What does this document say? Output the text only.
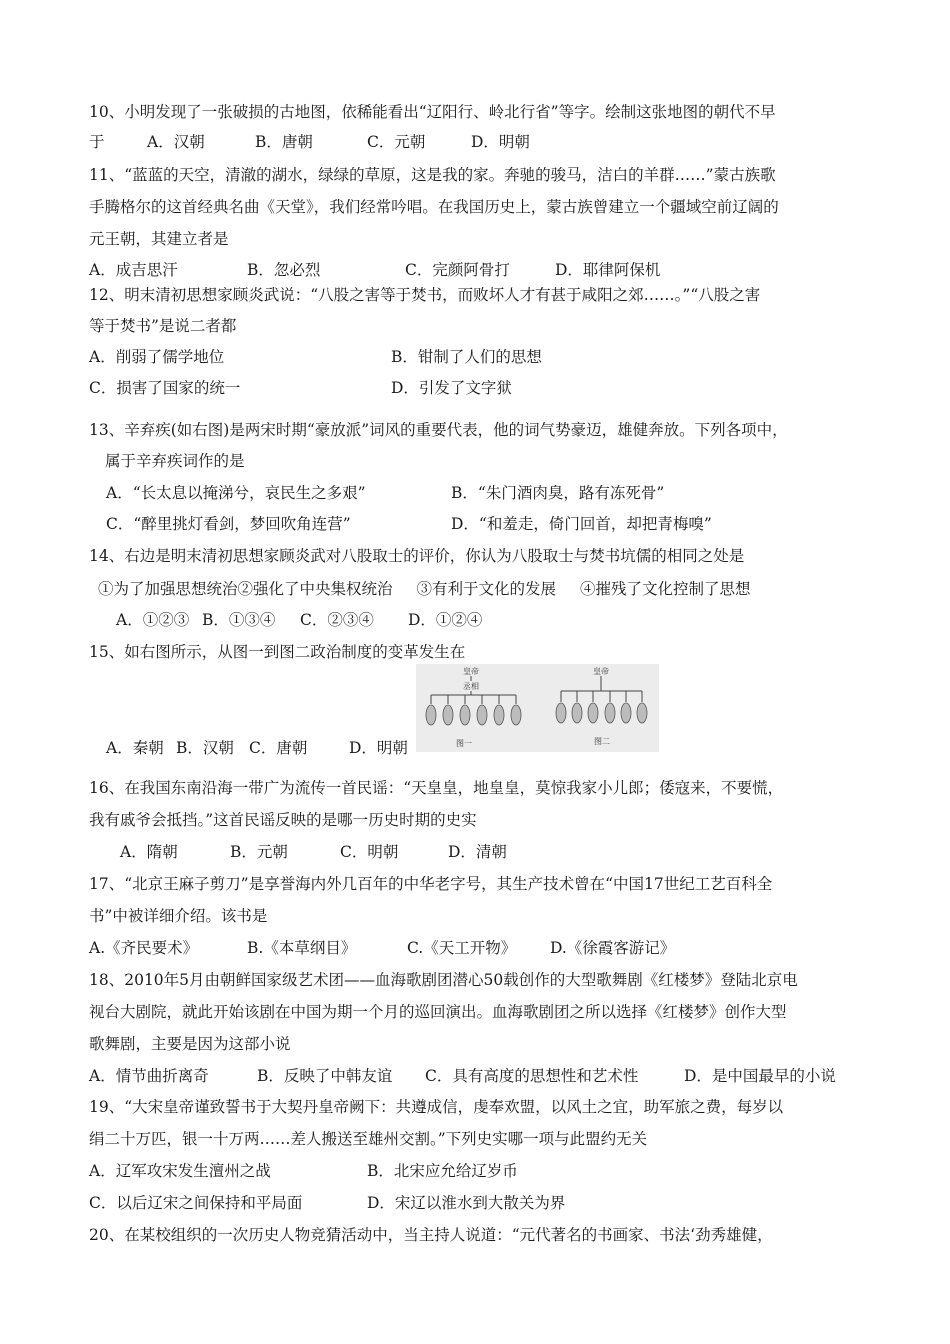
10、小明发现了一张破损的古地图，依稀能看出“辽阳行、岭北行省”等字。绘制这张地图的朝代不早
于	A．汉朝	B．唐朝	C．元朝	D．明朝
11、“蓝蓝的天空，清澈的湖水，绿绿的草原，这是我的家。奔驰的骏马，洁白的羊群……”蒙古族歌
手腾格尔的这首经典名曲《天堂》，我们经常吟唱。在我国历史上，蒙古族曾建立一个疆域空前辽阔的
元王朝，其建立者是
A．成吉思汗	B．忽必烈	C．完颜阿骨打	D．耶律阿保机
12、明末清初思想家顾炎武说：“八股之害等于焚书，而败坏人才有甚于咸阳之郊……。”“八股之害
等于焚书”是说二者都
A．削弱了儒学地位	B．钳制了人们的思想
C．损害了国家的统一	D．引发了文字狱
13、辛弃疾(如右图)是两宋时期“豪放派”词风的重要代表，他的词气势豪迈，雄健奔放。下列各项中，
属于辛弃疾词作的是
A．“长太息以掩涕兮，哀民生之多艰”	B．“朱门酒肉臭，路有冻死骨”
C．“醉里挑灯看剑，梦回吹角连营”	D．“和羞走，倚门回首，却把青梅嗅”
14、右边是明末清初思想家顾炎武对八股取士的评价，你认为八股取士与焚书坑儒的相同之处是
①为了加强思想统治②强化了中央集权统治 ③有利于文化的发展 ④摧残了文化控制了思想
A．①②③ B．①③④ C．②③④ D．①②④
15、如右图所示，从图一到图二政治制度的变革发生在
A．秦朝 B．汉朝 C．唐朝	D．明朝
皇帝
丞相
图一
皇帝
图二
16、在我国东南沿海一带广为流传一首民谣：“天皇皇，地皇皇，莫惊我家小儿郎；倭寇来，不要慌，
我有戚爷会抵挡。”这首民谣反映的是哪一历史时期的史实
A．隋朝	B．元朝	C．明朝	D．清朝
17、“北京王麻子剪刀”是享誉海内外几百年的中华老字号，其生产技术曾在“中国17世纪工艺百科全
书”中被详细介绍。该书是
A.《齐民要术》	B.《本草纲目》	C.《天工开物》 D.《徐霞客游记》
18、2010年5月由朝鲜国家级艺术团——血海歌剧团潜心50载创作的大型歌舞剧《红楼梦》登陆北京电
视台大剧院，就此开始该剧在中国为期一个月的巡回演出。血海歌剧团之所以选择《红楼梦》创作大型
歌舞剧，主要是因为这部小说
A．情节曲折离奇	B．反映了中韩友谊 C．具有高度的思想性和艺术性	D．是中国最早的小说
19、“大宋皇帝谨致誓书于大契丹皇帝阙下：共遵成信，虔奉欢盟，以风土之宜，助军旅之费，每岁以
绢二十万匹，银一十万两……差人搬送至雄州交割。”下列史实哪一项与此盟约无关
A．辽军攻宋发生澶州之战	B．北宋应允给辽岁币
C．以后辽宋之间保持和平局面	D．宋辽以淮水到大散关为界
20、在某校组织的一次历史人物竞猜活动中，当主持人说道：“元代著名的书画家、书法‘劲秀雄健，
